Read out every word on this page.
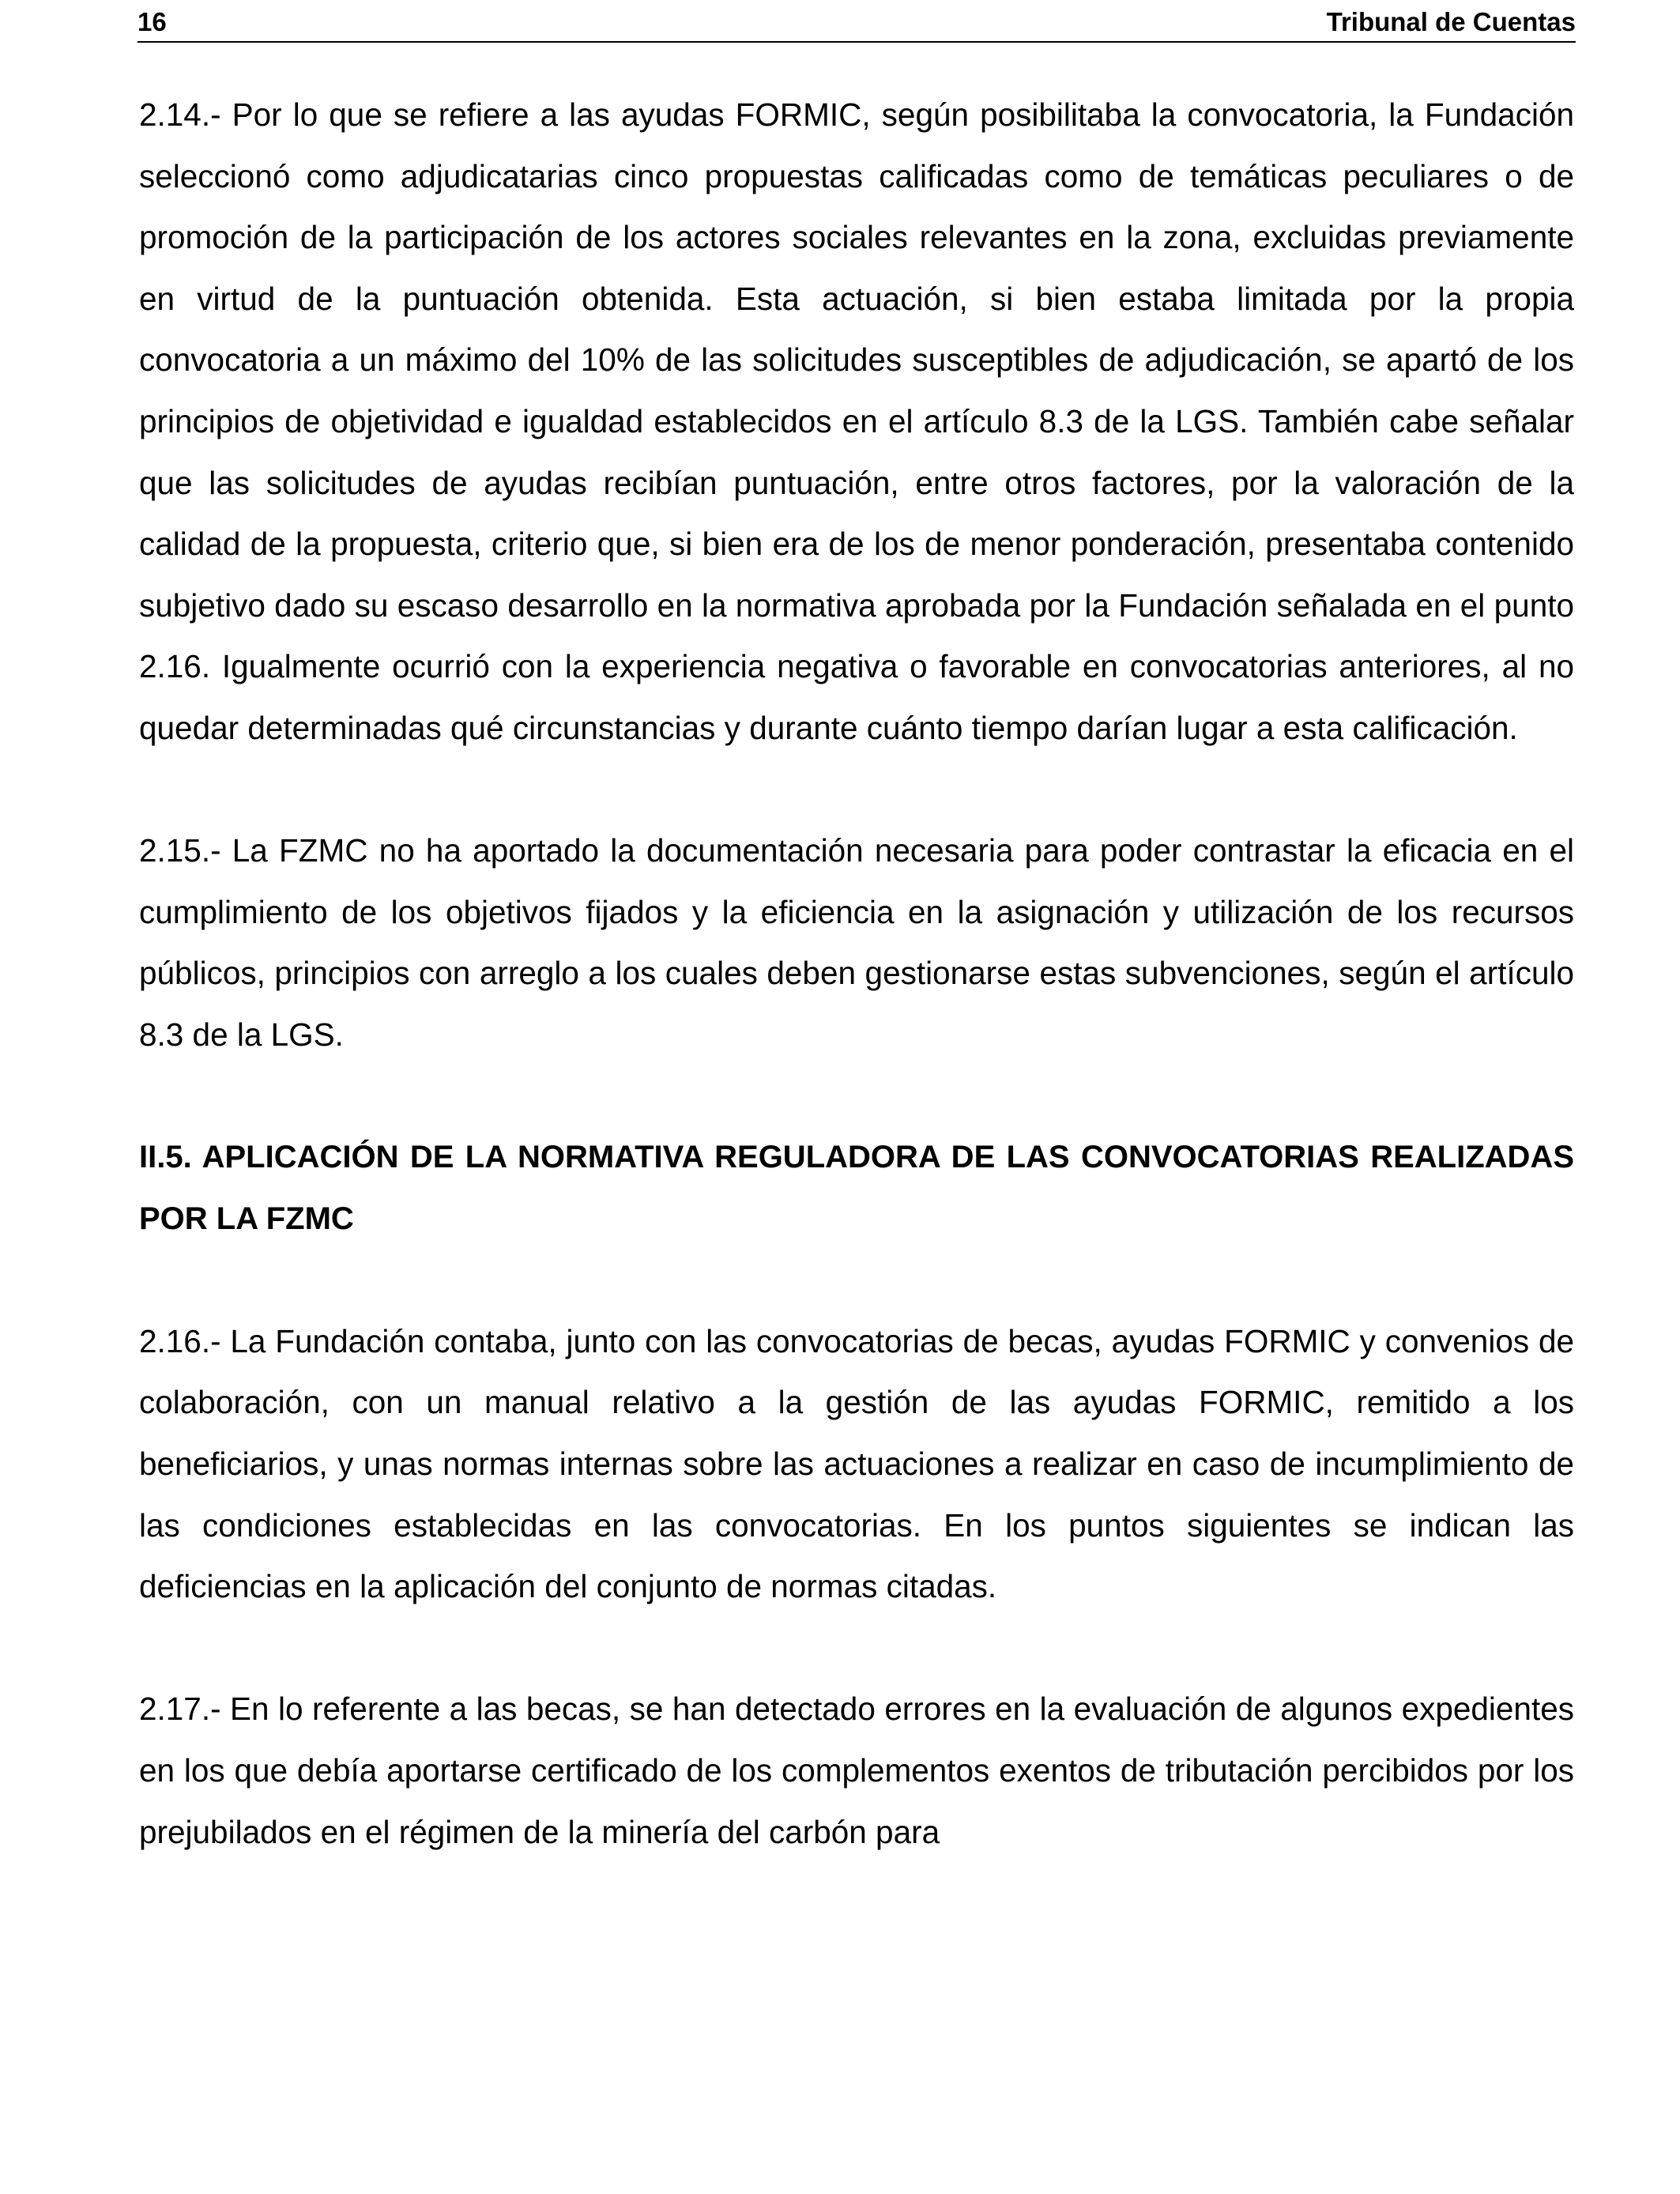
16	Tribunal de Cuentas

2.14.- Por lo que se refiere a las ayudas FORMIC, según posibilitaba la convocatoria, la Fundación seleccionó como adjudicatarias cinco propuestas calificadas como de temáticas peculiares o de promoción de la participación de los actores sociales relevantes en la zona, excluidas previamente en virtud de la puntuación obtenida. Esta actuación, si bien estaba limitada por la propia convocatoria a un máximo del 10% de las solicitudes susceptibles de adjudicación, se apartó de los principios de objetividad e igualdad establecidos en el artículo 8.3 de la LGS. También cabe señalar que las solicitudes de ayudas recibían puntuación, entre otros factores, por la valoración de la calidad de la propuesta, criterio que, si bien era de los de menor ponderación, presentaba contenido subjetivo dado su escaso desarrollo en la normativa aprobada por la Fundación señalada en el punto 2.16. Igualmente ocurrió con la experiencia negativa o favorable en convocatorias anteriores, al no quedar determinadas qué circunstancias y durante cuánto tiempo darían lugar a esta calificación.

2.15.- La FZMC no ha aportado la documentación necesaria para poder contrastar la eficacia en el cumplimiento de los objetivos fijados y la eficiencia en la asignación y utilización de los recursos públicos, principios con arreglo a los cuales deben gestionarse estas subvenciones, según el artículo 8.3 de la LGS.

II.5. APLICACIÓN DE LA NORMATIVA REGULADORA DE LAS CONVOCATORIAS REALIZADAS POR LA FZMC

2.16.- La Fundación contaba, junto con las convocatorias de becas, ayudas FORMIC y convenios de colaboración, con un manual relativo a la gestión de las ayudas FORMIC, remitido a los beneficiarios, y unas normas internas sobre las actuaciones a realizar en caso de incumplimiento de las condiciones establecidas en las convocatorias. En los puntos siguientes se indican las deficiencias en la aplicación del conjunto de normas citadas.

2.17.- En lo referente a las becas, se han detectado errores en la evaluación de algunos expedientes en los que debía aportarse certificado de los complementos exentos de tributación percibidos por los prejubilados en el régimen de la minería del carbón para
